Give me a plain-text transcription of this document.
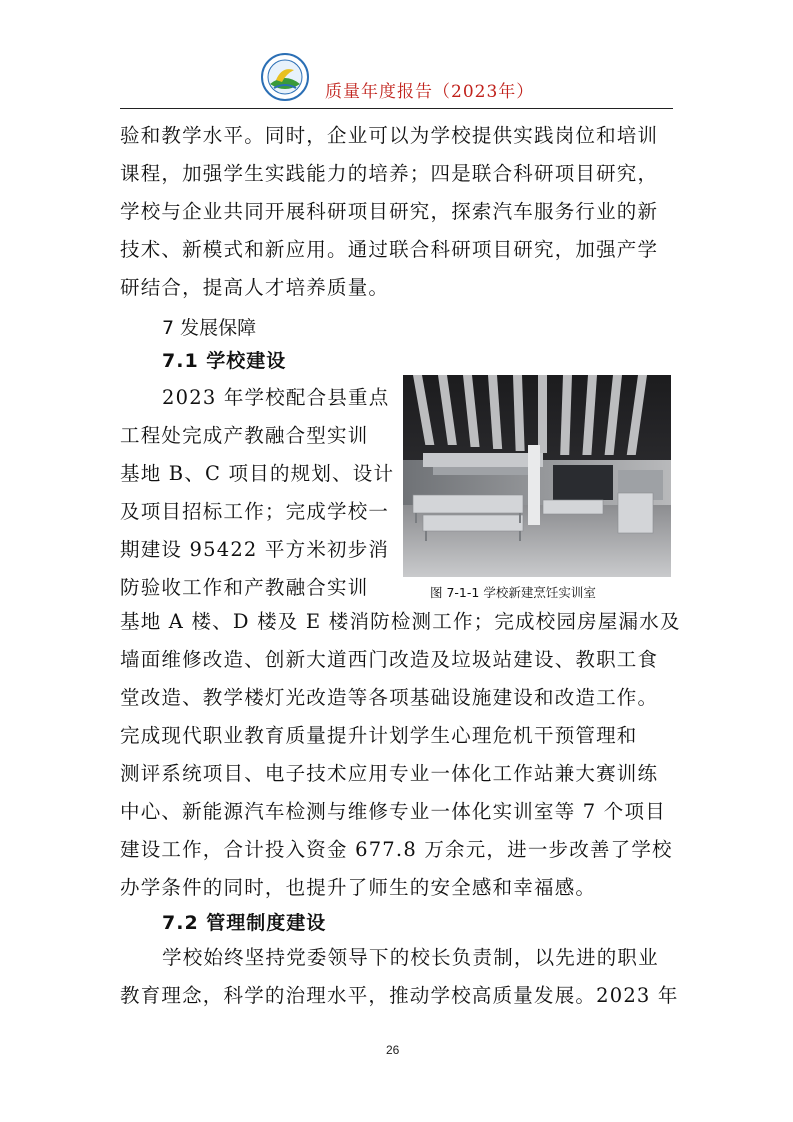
质量年度报告（2023年）
验和教学水平。同时，企业可以为学校提供实践岗位和培训
课程，加强学生实践能力的培养；四是联合科研项目研究，
学校与企业共同开展科研项目研究，探索汽车服务行业的新
技术、新模式和新应用。通过联合科研项目研究，加强产学
研结合，提高人才培养质量。
7 发展保障
7.1 学校建设
2023 年学校配合县重点
工程处完成产教融合型实训
基地 B、C 项目的规划、设计
及项目招标工作；完成学校一
期建设 95422 平方米初步消
防验收工作和产教融合实训	图 7-1-1 学校新建烹饪实训室
基地 A 楼、D 楼及 E 楼消防检测工作；完成校园房屋漏水及
墙面维修改造、创新大道西门改造及垃圾站建设、教职工食
堂改造、教学楼灯光改造等各项基础设施建设和改造工作。
完成现代职业教育质量提升计划学生心理危机干预管理和
测评系统项目、电子技术应用专业一体化工作站兼大赛训练
中心、新能源汽车检测与维修专业一体化实训室等 7 个项目
建设工作，合计投入资金 677.8 万余元，进一步改善了学校
办学条件的同时，也提升了师生的安全感和幸福感。
7.2 管理制度建设
学校始终坚持党委领导下的校长负责制，以先进的职业
教育理念，科学的治理水平，推动学校高质量发展。2023 年
26
